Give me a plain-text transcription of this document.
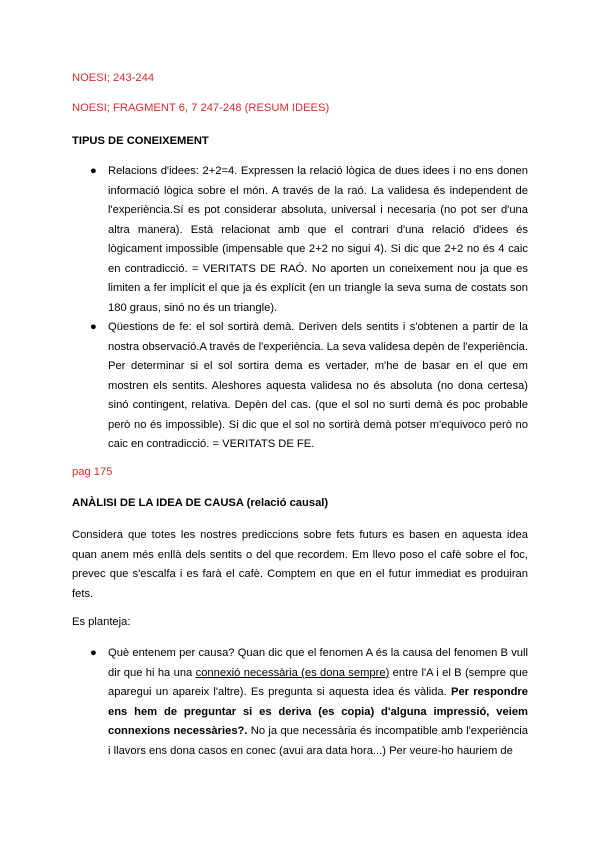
NOESI; 243-244
NOESI; FRAGMENT 6, 7 247-248 (RESUM IDEES)
TIPUS DE CONEIXEMENT
●	Relacions d'idees: 2+2=4. Expressen la relació lògica de dues idees i no ens donen informació lògica sobre el món. A través de la raó. La validesa és independent de l'experiència.Sí es pot considerar absoluta, universal i necesaria (no pot ser d'una altra manera). Està relacionat amb que el contrari d'una relació d'idees és lògicament impossible (impensable que 2+2 no sigui 4). Si dic que 2+2 no és 4 caic en contradicció. = VERITATS DE RAÓ. No aporten un coneixement nou ja que es limiten a fer implícit el que ja és explícit (en un triangle la seva suma de costats son 180 graus, sinó no és un triangle).
●	Qüestions de fe: el sol sortirà demà. Deriven dels sentits i s'obtenen a partir de la nostra observació.A través de l'experiència. La seva validesa depèn de l'experiència. Per determinar si el sol sortira dema es vertader, m'he de basar en el que em mostren els sentits. Aleshores aquesta validesa no és absoluta (no dona certesa) sinó contingent, relativa. Depèn del cas. (que el sol no surti demà és poc probable però no és impossible). Si dic que el sol no sortirà demà potser m'equivoco però no caic en contradicció. = VERITATS DE FE.
pag 175
ANÀLISI DE LA IDEA DE CAUSA (relació causal)
Considera que totes les nostres prediccions sobre fets futurs es basen en aquesta idea quan anem més enllà dels sentits o del que recordem. Em llevo poso el cafè sobre el foc, prevec que s'escalfa i es farà el cafè. Comptem en que en el futur immediat es produiran fets.
Es planteja:
●	Què entenem per causa? Quan dic que el fenomen A és la causa del fenomen B vull dir que hi ha una connexió necessària (es dona sempre) entre l'A i el B (sempre que aparegui un apareix l'altre). Es pregunta si aquesta idea és vàlida. Per respondre ens hem de preguntar si es deriva (es copia) d'alguna impressió, veiem connexions necessàries?. No ja que necessària és incompatible amb l'experiència i llavors ens dona casos en conec (avui ara data hora...) Per veure-ho hauriem de
